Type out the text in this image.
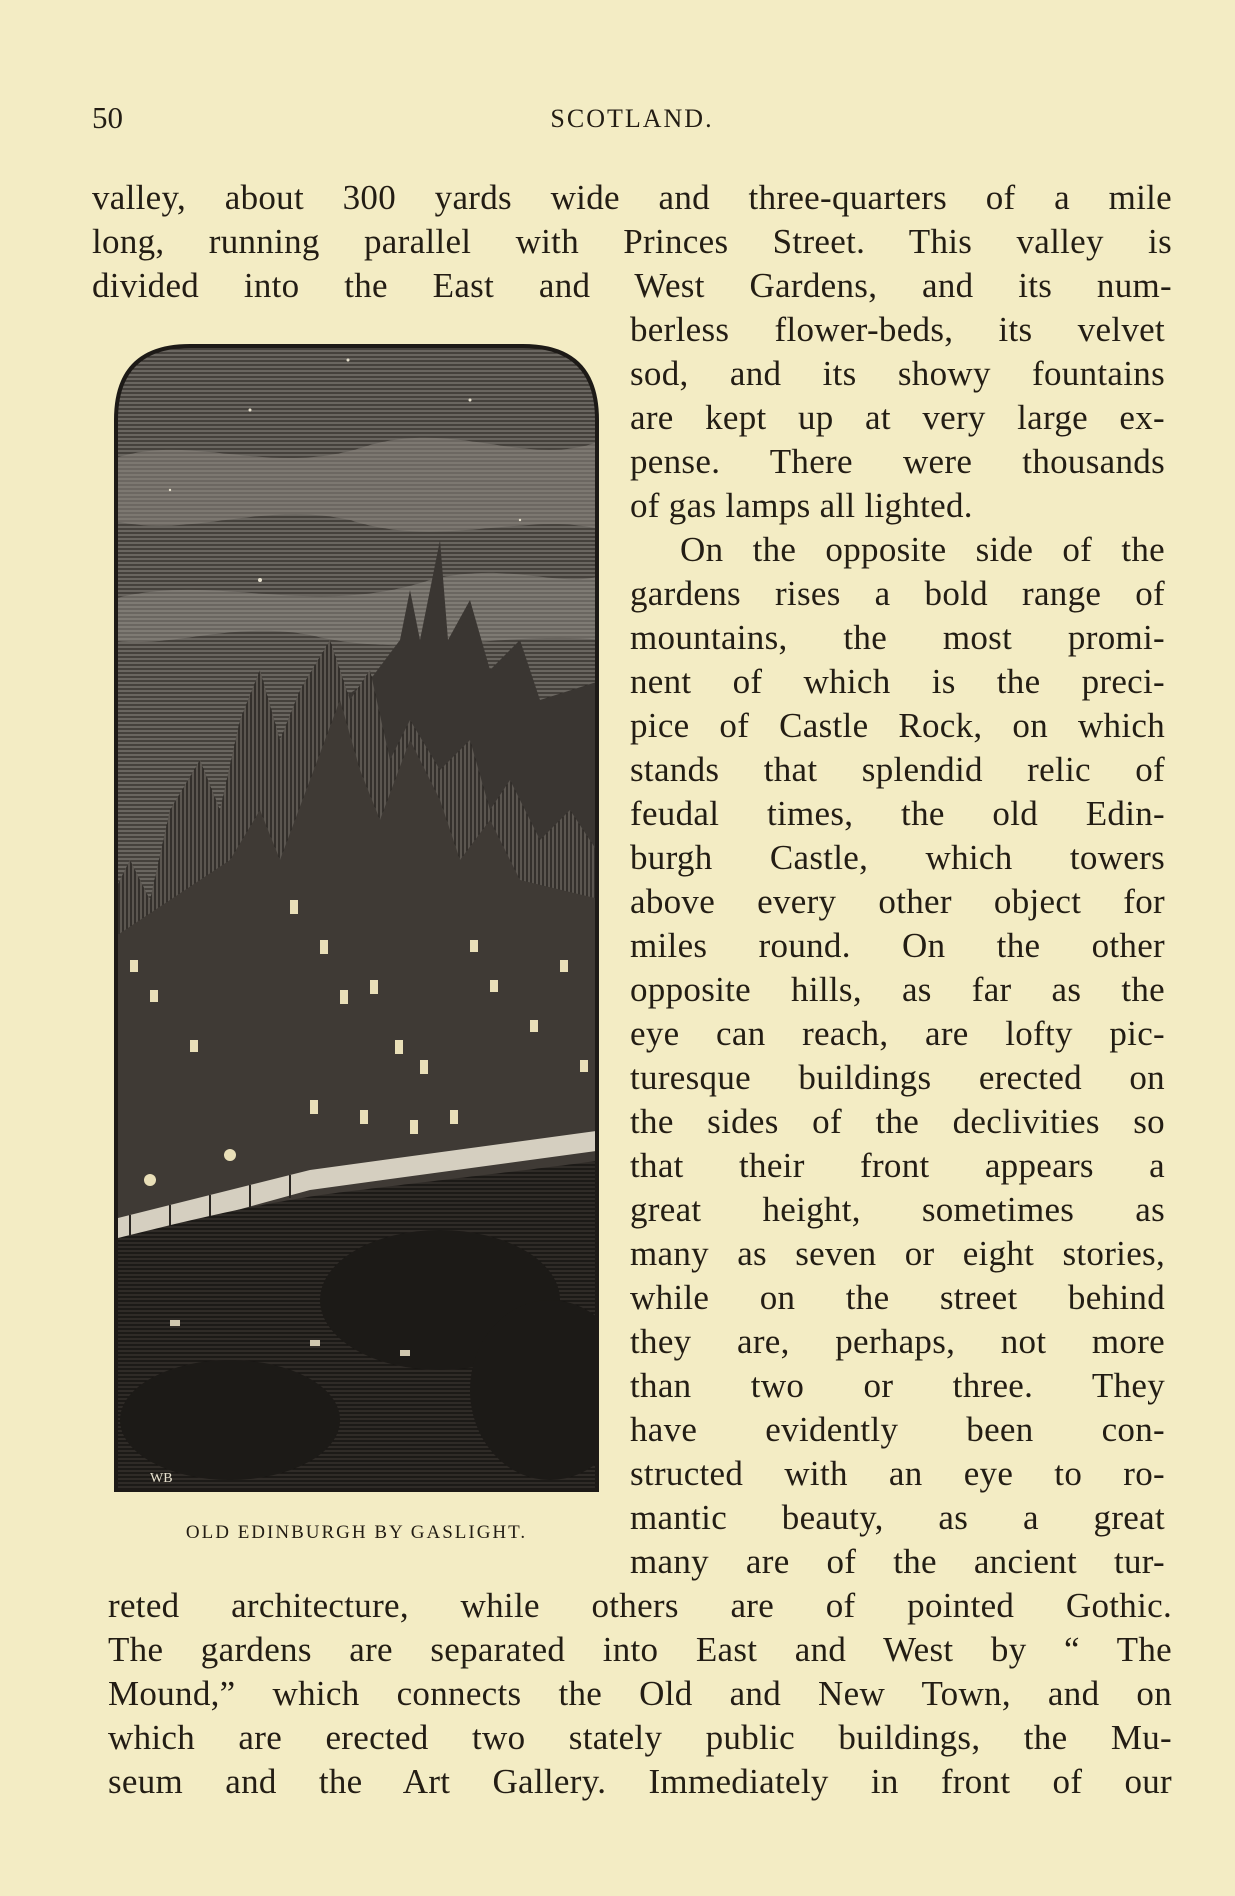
50	SCOTLAND.
valley, about 300 yards wide and three-quarters of a mile
long, running parallel with Princes Street. This valley is
divided into the East and West Gardens, and its num-
berless flower-beds, its velvet
sod, and its showy fountains
are kept up at very large ex-
pense. There were thousands
of gas lamps all lighted.
On the opposite side of the
gardens rises a bold range of
mountains, the most promi-
nent of which is the preci-
pice of Castle Rock, on which
stands that splendid relic of
feudal times, the old Edin-
burgh Castle, which towers
above every other object for
miles round. On the other
opposite hills, as far as the
eye can reach, are lofty pic-
turesque buildings erected on
the sides of the declivities so
that their front appears a
great height, sometimes as
many as seven or eight stories,
while on the street behind
they are, perhaps, not more
than two or three. They
have evidently been con-
structed with an eye to ro-
mantic beauty, as a great
many are of the ancient tur-
reted architecture, while others are of pointed Gothic.
The gardens are separated into East and West by “ The
Mound,” which connects the Old and New Town, and on
which are erected two stately public buildings, the Mu-
seum and the Art Gallery. Immediately in front of our
WB
OLD EDINBURGH BY GASLIGHT.
